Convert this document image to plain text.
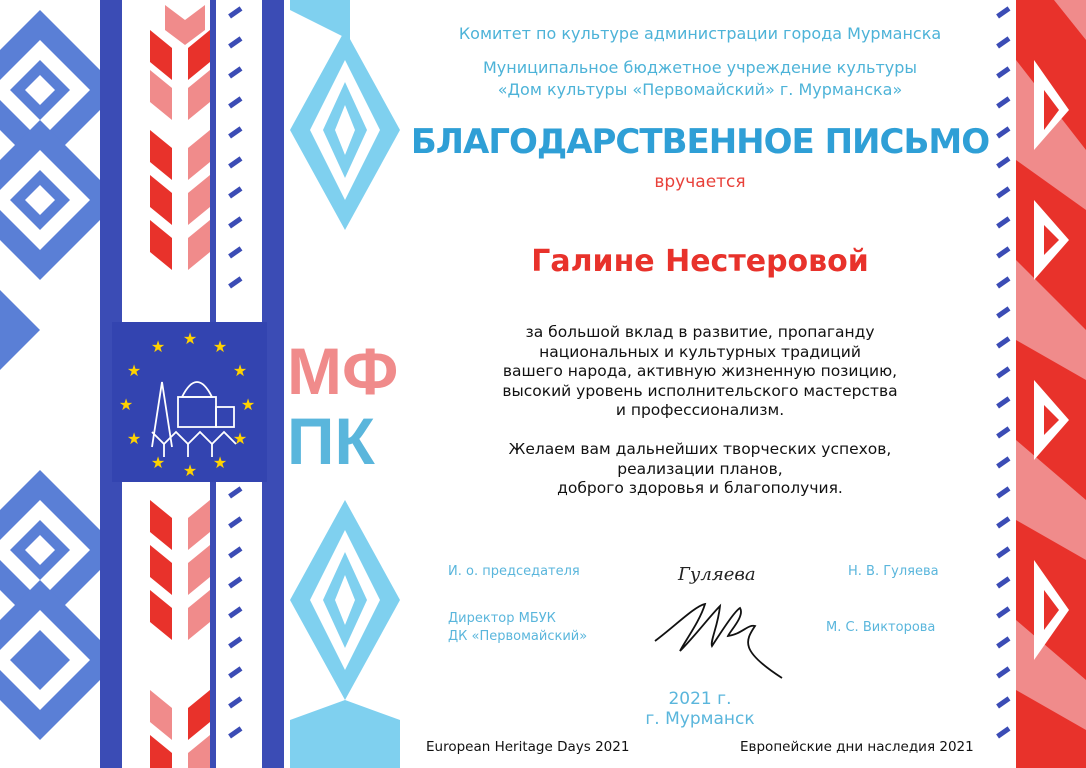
★ ★
★
★
★
★
★
★
★
★
★
★ МФ
ПК
Комитет по культуре администрации города Мурманска
Муниципальное бюджетное учреждение культуры
«Дом культуры «Первомайский» г. Мурманска»
БЛАГОДАРСТВЕННОЕ ПИСЬМО
вручается
Галине Нестеровой
за большой вклад в развитие, пропаганду
национальных и культурных традиций
вашего народа, активную жизненную позицию,
высокий уровень исполнительского мастерства
и профессионализм.
Желаем вам дальнейших творческих успехов,
реализации планов,
доброго здоровья и благополучия.
И. о. председателя	Гуляева	Н. В. Гуляева
Директор МБУК
ДК «Первомайский»
М. С. Викторова
2021 г.
г. Мурманск
European Heritage Days 2021	Европейские дни наследия 2021
